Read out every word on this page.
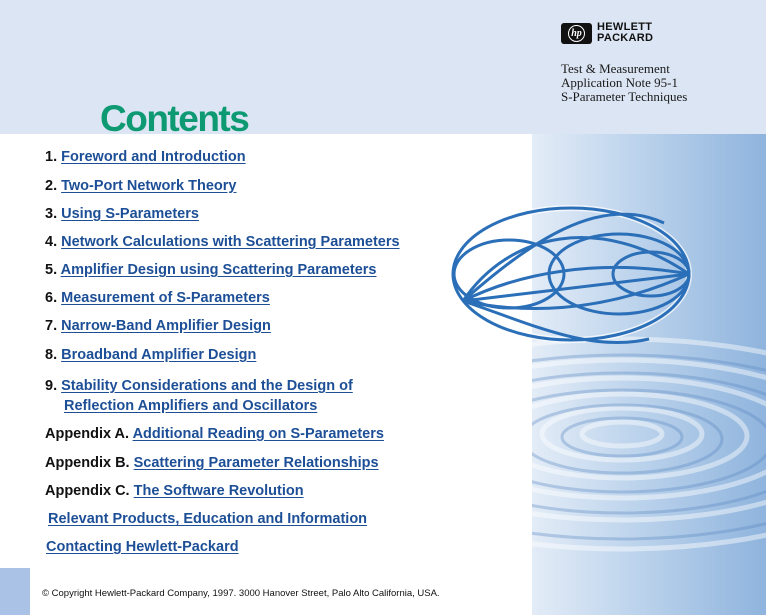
hp HEWLETT
PACKARD
Test & Measurement
Application Note 95-1
S-Parameter Techniques
Contents
1. Foreword and Introduction
2. Two-Port Network Theory
3. Using S-Parameters
4. Network Calculations with Scattering Parameters
5. Amplifier Design using Scattering Parameters
6. Measurement of S-Parameters
7. Narrow-Band Amplifier Design
8. Broadband Amplifier Design
9. Stability Considerations and the Design of
Reflection Amplifiers and Oscillators
Appendix A. Additional Reading on S-Parameters
Appendix B. Scattering Parameter Relationships
Appendix C. The Software Revolution
Relevant Products, Education and Information
Contacting Hewlett-Packard
© Copyright Hewlett-Packard Company, 1997. 3000 Hanover Street, Palo Alto California, USA.
